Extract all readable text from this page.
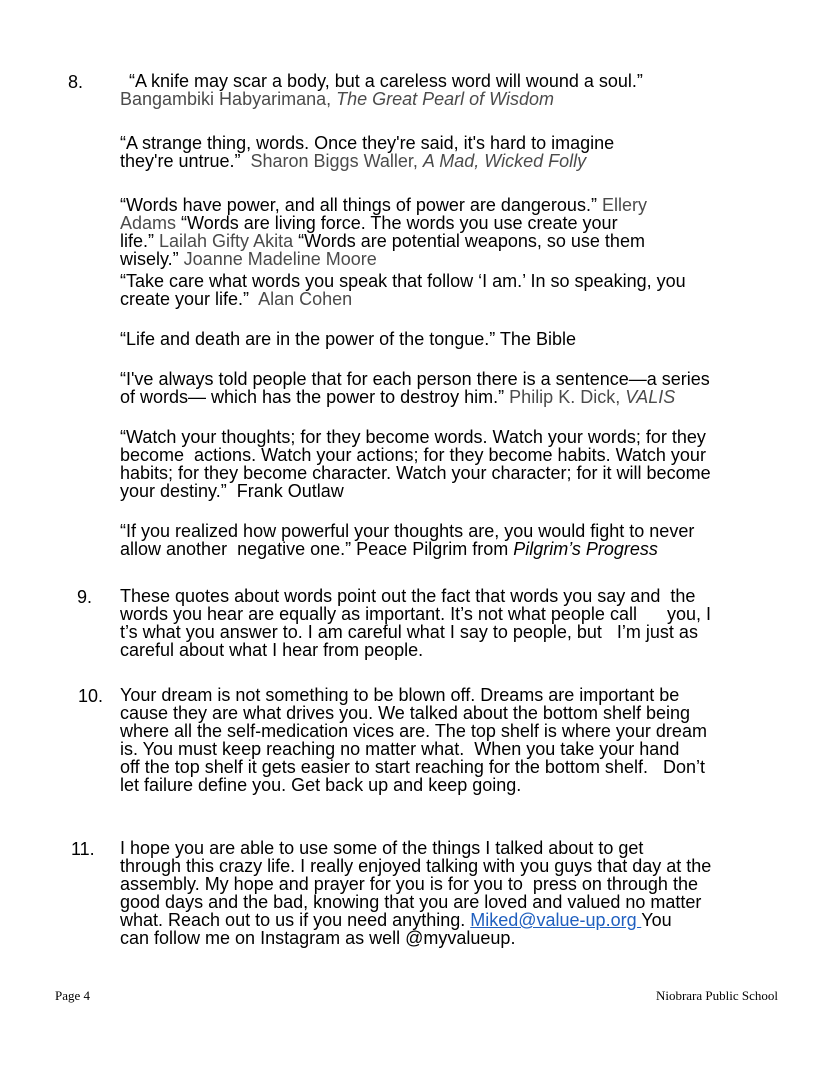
8.	“A knife may scar a body, but a careless word will wound a soul.”
Bangambiki Habyarimana, The Great Pearl of Wisdom
“A strange thing, words. Once they're said, it's hard to imagine
they're untrue.”  Sharon Biggs Waller, A Mad, Wicked Folly
“Words have power, and all things of power are dangerous.” Ellery
Adams “Words are living force. The words you use create your
life.” Lailah Gifty Akita “Words are potential weapons, so use them
wisely.” Joanne Madeline Moore
“Take care what words you speak that follow ‘I am.’ In so speaking, you
create your life.”  Alan Cohen
“Life and death are in the power of the tongue.” The Bible
“I've always told people that for each person there is a sentence—a series
of words— which has the power to destroy him.” Philip K. Dick, VALIS
“Watch your thoughts; for they become words. Watch your words; for they
become  actions. Watch your actions; for they become habits. Watch your
habits; for they become character. Watch your character; for it will become
your destiny.”  Frank Outlaw
“If you realized how powerful your thoughts are, you would fight to never
allow another  negative one.” Peace Pilgrim from Pilgrim’s Progress
9. These quotes about words point out the fact that words you say and  the
words you hear are equally as important. It’s not what people call      you, I
t’s what you answer to. I am careful what I say to people, but   I’m just as
careful about what I hear from people.
10. Your dream is not something to be blown off. Dreams are important be
cause they are what drives you. We talked about the bottom shelf being
where all the self-medication vices are. The top shelf is where your dream
is. You must keep reaching no matter what.  When you take your hand
off the top shelf it gets easier to start reaching for the bottom shelf.   Don’t
let failure define you. Get back up and keep going.
11. I hope you are able to use some of the things I talked about to get
through this crazy life. I really enjoyed talking with you guys that day at the
assembly. My hope and prayer for you is for you to  press on through the
good days and the bad, knowing that you are loved and valued no matter
what. Reach out to us if you need anything. Miked@value-up.org You
can follow me on Instagram as well @myvalueup.
Page 4	Niobrara Public School
